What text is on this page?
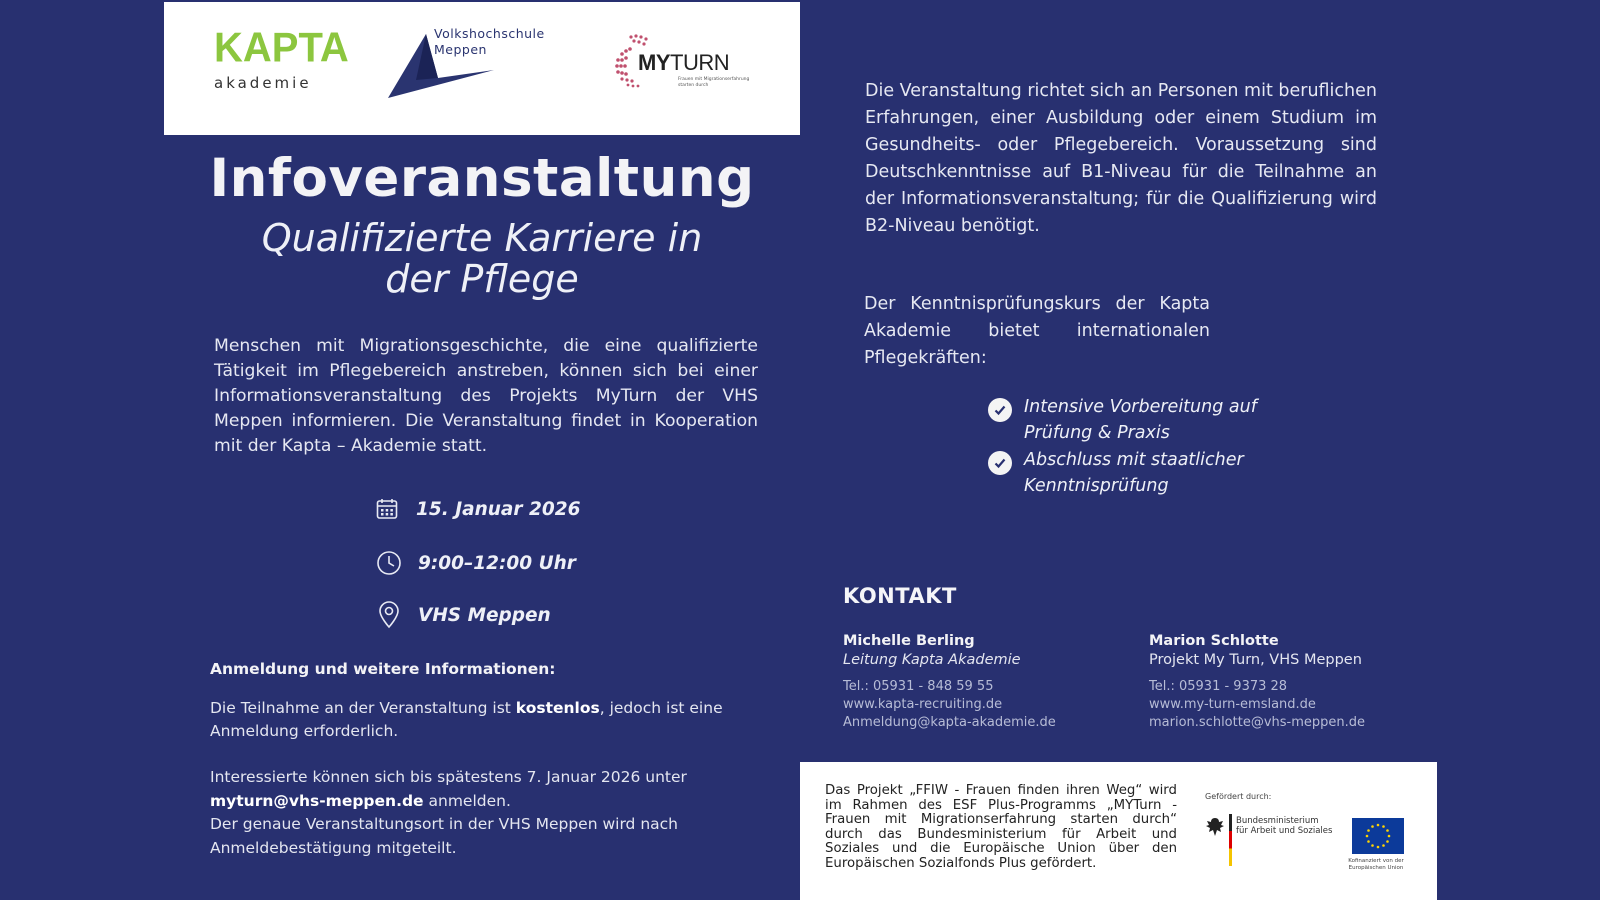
KAPTA
akademie
Volkshochschule
Meppen
MYTURN
Frauen mit Migrationserfahrung starten durch
Infoveranstaltung
Qualifizierte Karriere in
der Pflege
Menschen mit Migrationsgeschichte, die eine qualifizierte Tätigkeit im Pflegebereich anstreben, können sich bei einer Informationsveranstaltung des Projekts MyTurn der VHS Meppen informieren. Die Veranstaltung findet in Kooperation mit der Kapta – Akademie statt.
15. Januar 2026
9:00–12:00 Uhr
VHS Meppen
Anmeldung und weitere Informationen:
Die Teilnahme an der Veranstaltung ist kostenlos, jedoch ist eine Anmeldung erforderlich.
Interessierte können sich bis spätestens 7. Januar 2026 unter
myturn@vhs-meppen.de anmelden.
Der genaue Veranstaltungsort in der VHS Meppen wird nach Anmeldebestätigung mitgeteilt.
Die Veranstaltung richtet sich an Personen mit beruflichen Erfahrungen, einer Ausbildung oder einem Studium im Gesundheits- oder Pflegebereich. Voraussetzung sind Deutschkenntnisse auf B1-Niveau für die Teilnahme an der Informationsveranstaltung; für die Qualifizierung wird B2-Niveau benötigt.
Der Kenntnisprüfungskurs der Kapta Akademie bietet internationalen Pflegekräften:
Intensive Vorbereitung auf
Prüfung & Praxis
Abschluss mit staatlicher
Kenntnisprüfung
KONTAKT
Michelle Berling
Leitung Kapta Akademie
Tel.: 05931 - 848 59 55
www.kapta-recruiting.de
Anmeldung@kapta-akademie.de
Marion Schlotte
Projekt My Turn, VHS Meppen
Tel.: 05931 - 9373 28
www.my-turn-emsland.de
marion.schlotte@vhs-meppen.de
Das Projekt „FFIW - Frauen finden ihren Weg“ wird im Rahmen des ESF Plus-Programms „MYTurn - Frauen mit Migrationserfahrung starten durch“ durch das Bundesministerium für Arbeit und Soziales und die Europäische Union über den Europäischen Sozialfonds Plus gefördert.
Gefördert durch:
Bundesministerium
für Arbeit und Soziales
Kofinanziert von der Europäischen Union
